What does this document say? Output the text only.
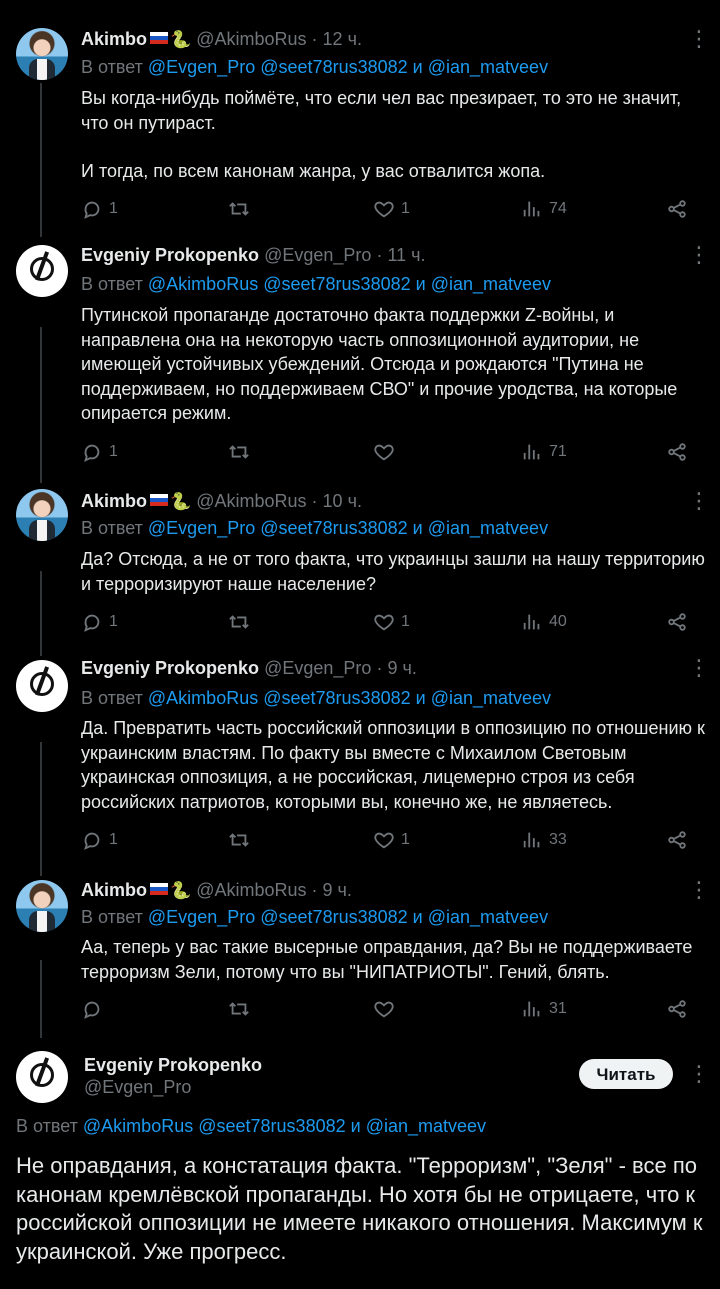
Akimbo 🐍 @AkimboRus · 12 ч.	⋮
В ответ @Evgen_Pro @seet78rus38082 и @ian_matveev
Вы когда-нибудь поймёте, что если чел вас презирает, то это не значит, что он путираст.
И тогда, по всем канонам жанра, у вас отвалится жопа.
1	1	74
Evgeniy Prokopenko @Evgen_Pro · 11 ч.	⋮
В ответ @AkimboRus @seet78rus38082 и @ian_matveev
Путинской пропаганде достаточно факта поддержки Z-войны, и направлена она на некоторую часть оппозиционной аудитории, не имеющей устойчивых убеждений. Отсюда и рождаются "Путина не поддерживаем, но поддерживаем СВО" и прочие уродства, на которые опирается режим.
1	71
Akimbo 🐍 @AkimboRus · 10 ч.	⋮
В ответ @Evgen_Pro @seet78rus38082 и @ian_matveev
Да? Отсюда, а не от того факта, что украинцы зашли на нашу территорию и терроризируют наше население?
1	1	40
Evgeniy Prokopenko @Evgen_Pro · 9 ч.	⋮
В ответ @AkimboRus @seet78rus38082 и @ian_matveev
Да. Превратить часть российский оппозиции в оппозицию по отношению к украинским властям. По факту вы вместе с Михаилом Световым украинская оппозиция, а не российская, лицемерно строя из себя российских патриотов, которыми вы, конечно же, не являетесь.
1	1	33
Akimbo 🐍 @AkimboRus · 9 ч.	⋮
В ответ @Evgen_Pro @seet78rus38082 и @ian_matveev
Аа, теперь у вас такие высерные оправдания, да? Вы не поддерживаете терроризм Зели, потому что вы "НИПАТРИОТЫ". Гений, блять.
31
Evgeniy Prokopenko
@Evgen_Pro
Читать	⋮
В ответ @AkimboRus @seet78rus38082 и @ian_matveev
Не оправдания, а констатация факта. "Терроризм", "Зеля" - все по канонам кремлёвской пропаганды. Но хотя бы не отрицаете, что к российской оппозиции не имеете никакого отношения. Максимум к украинской. Уже прогресс.
